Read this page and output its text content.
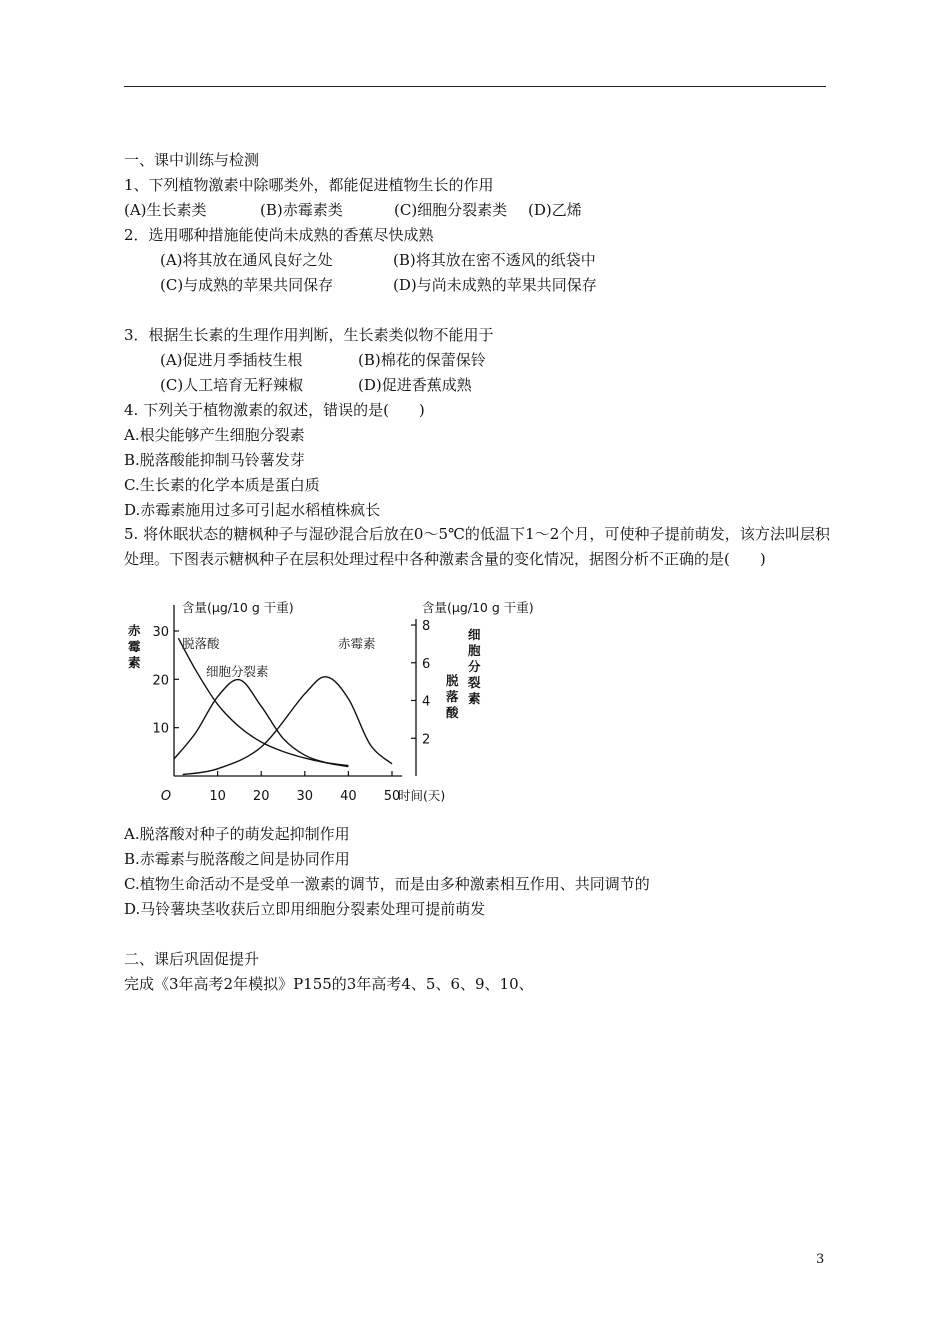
一、课中训练与检测
1、下列植物激素中除哪类外，都能促进植物生长的作用
(A)生长素类	(B)赤霉素类	(C)细胞分裂素类 (D)乙烯
2．选用哪种措施能使尚未成熟的香蕉尽快成熟
(A)将其放在通风良好之处	(B)将其放在密不透风的纸袋中
(C)与成熟的苹果共同保存	(D)与尚未成熟的苹果共同保存
3．根据生长素的生理作用判断，生长素类似物不能用于
(A)促进月季插枝生根	(B)棉花的保蕾保铃
(C)人工培育无籽辣椒	(D)促进香蕉成熟
4. 下列关于植物激素的叙述，错误的是(　　)
A.根尖能够产生细胞分裂素
B.脱落酸能抑制马铃薯发芽
C.生长素的化学本质是蛋白质
D.赤霉素施用过多可引起水稻植株疯长
5. 将休眠状态的糖枫种子与湿砂混合后放在0～5℃的低温下1～2个月，可使种子提前萌发，该方法叫层积处理。下图表示糖枫种子在层积处理过程中各种激素含量的变化情况，据图分析不正确的是(　　)
含量(μg/10 g 干重)	含量(μg/10 g 干重)
赤霉素
脱落酸
细胞分裂素
10
20
30
2
4
6
8
O	10 20 30 40 50
时间(天)
脱落酸
细胞分裂素
赤霉素
A.脱落酸对种子的萌发起抑制作用
B.赤霉素与脱落酸之间是协同作用
C.植物生命活动不是受单一激素的调节，而是由多种激素相互作用、共同调节的
D.马铃薯块茎收获后立即用细胞分裂素处理可提前萌发
二、课后巩固促提升
完成《3年高考2年模拟》P155的3年高考4、5、6、9、10、
3
